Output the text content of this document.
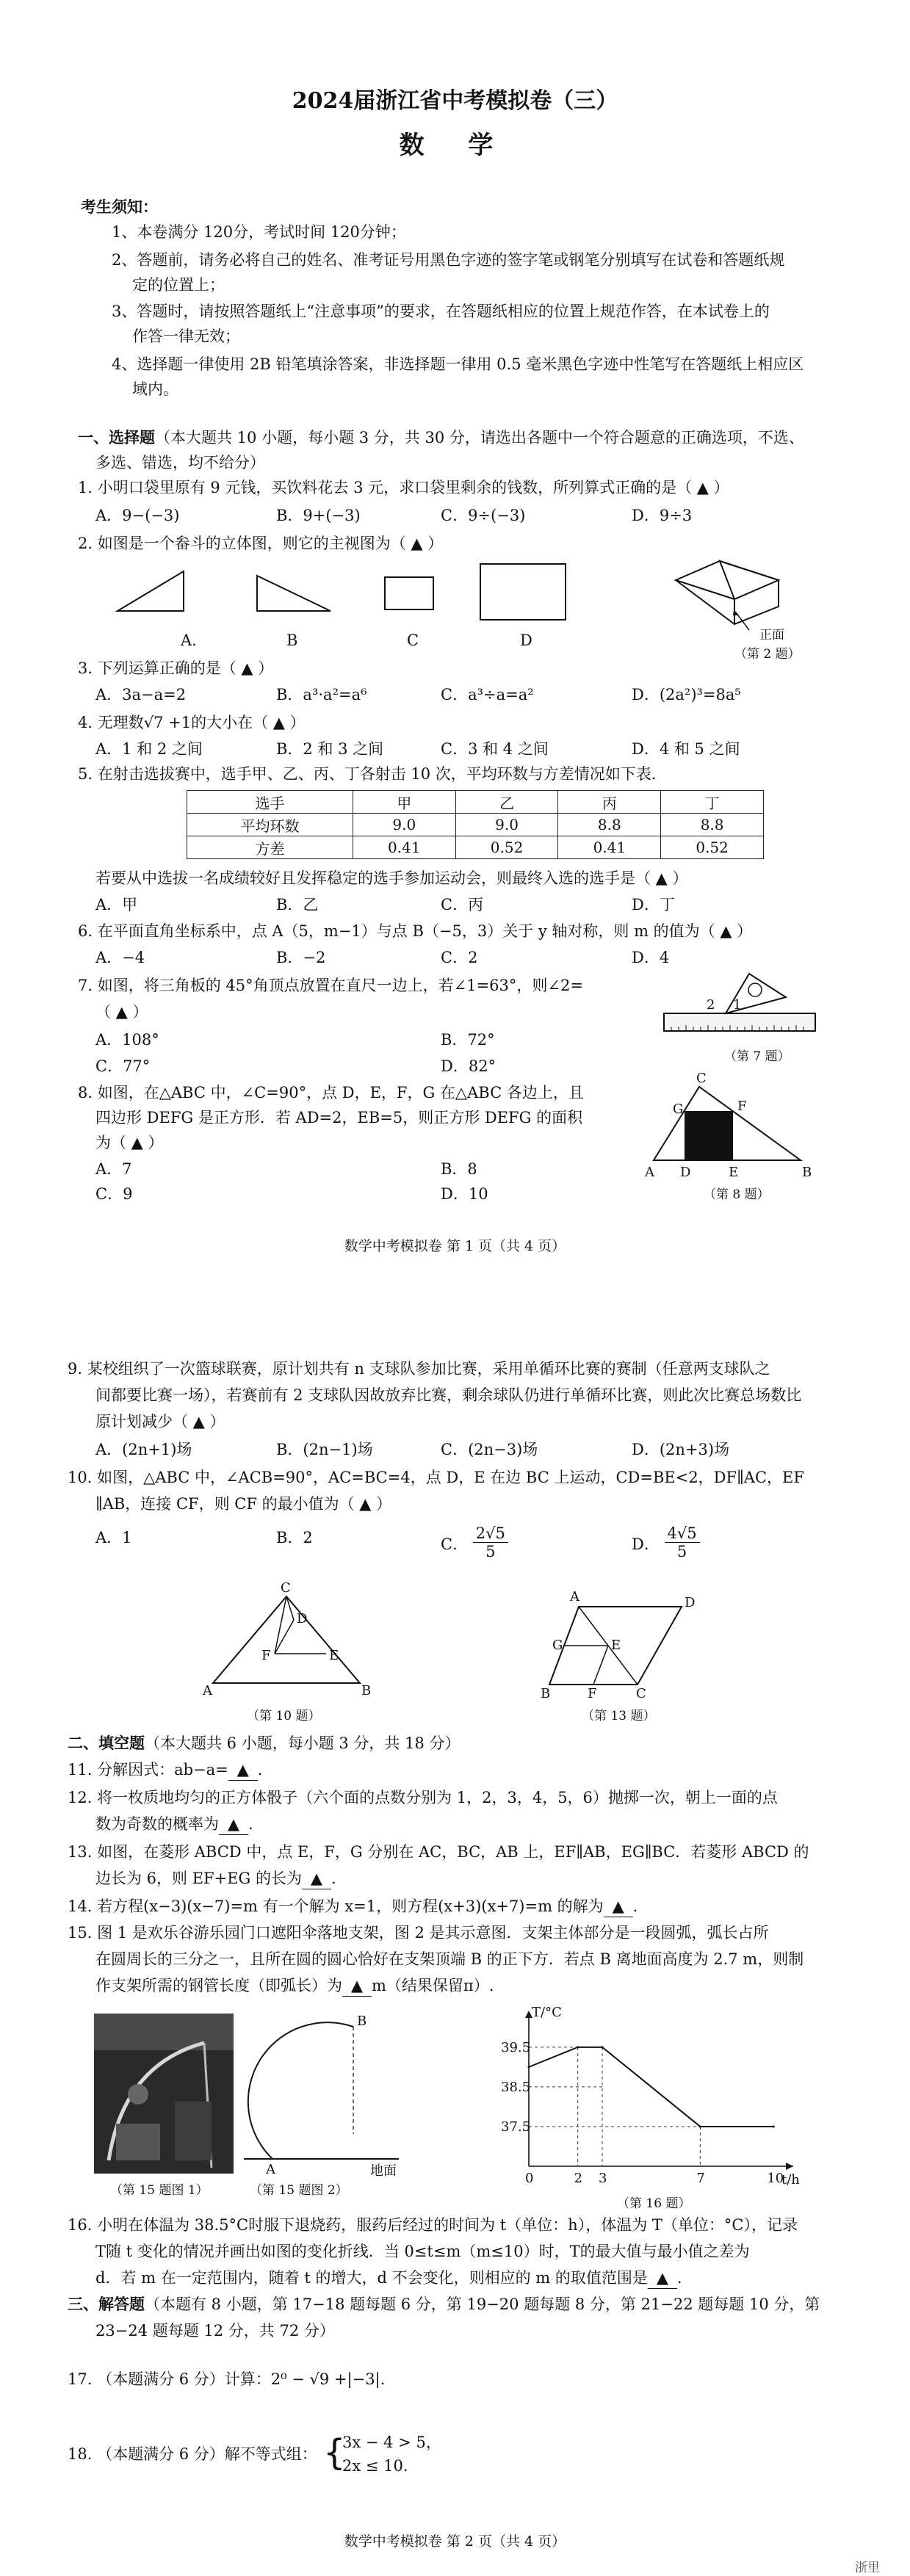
2024届浙江省中考模拟卷（三）
数 学
考生须知：
1、本卷满分 120分，考试时间 120分钟；
2、答题前，请务必将自己的姓名、准考证号用黑色字迹的签字笔或钢笔分别填写在试卷和答题纸规
定的位置上；
3、答题时，请按照答题纸上“注意事项”的要求，在答题纸相应的位置上规范作答，在本试卷上的
作答一律无效；
4、选择题一律使用 2B 铅笔填涂答案，非选择题一律用 0.5 毫米黑色字迹中性笔写在答题纸上相应区
域内。
一、选择题（本大题共 10 小题，每小题 3 分，共 30 分，请选出各题中一个符合题意的正确选项，不选、
多选、错选，均不给分）
1. 小明口袋里原有 9 元钱，买饮料花去 3 元，求口袋里剩余的钱数，所列算式正确的是（ ▲ ）
A．9−(−3)	B．9+(−3)	C．9÷(−3)	D．9÷3
2. 如图是一个畚斗的立体图，则它的主视图为（ ▲ ）
正面
A.	B	C	D
（第 2 题）
3. 下列运算正确的是（ ▲ ）
A．3a−a=2	B．a³·a²=a⁶	C．a³÷a=a²	D．(2a²)³=8a⁵
4. 无理数√7 +1的大小在（ ▲ ）
A．1 和 2 之间	B．2 和 3 之间	C．3 和 4 之间	D．4 和 5 之间
5. 在射击选拔赛中，选手甲、乙、丙、丁各射击 10 次，平均环数与方差情况如下表.
选手	甲	乙	丙	丁
平均环数	9.0	9.0	8.8	8.8
方差	0.41	0.52	0.41	0.52
若要从中选拔一名成绩较好且发挥稳定的选手参加运动会，则最终入选的选手是（ ▲ ）
A．甲	B．乙	C．丙	D．丁
6. 在平面直角坐标系中，点 A（5，m−1）与点 B（−5，3）关于 y 轴对称，则 m 的值为（ ▲ ）
A．−4	B．−2	C．2	D．4
7. 如图，将三角板的 45°角顶点放置在直尺一边上，若∠1=63°，则∠2=
（ ▲ ）
A．108°	B．72°
C．77°	D．82°
2 1
（第 7 题）
8. 如图，在△ABC 中，∠C=90°，点 D，E，F，G 在△ABC 各边上，且
四边形 DEFG 是正方形．若 AD=2，EB=5，则正方形 DEFG 的面积
为（ ▲ ）
A．7	B．8
C．9	D．10
C
G	F
A D	E	B
（第 8 题）
数学中考模拟卷 第 1 页（共 4 页）
9. 某校组织了一次篮球联赛，原计划共有 n 支球队参加比赛，采用单循环比赛的赛制（任意两支球队之
间都要比赛一场），若赛前有 2 支球队因故放弃比赛，剩余球队仍进行单循环比赛，则此次比赛总场数比
原计划减少（ ▲ ）
A．(2n+1)场	B．(2n−1)场	C．(2n−3)场	D．(2n+3)场
10. 如图，△ABC 中，∠ACB=90°，AC=BC=4，点 D，E 在边 BC 上运动，CD=BE<2，DF∥AC，EF
∥AB，连接 CF，则 CF 的最小值为（ ▲ ）
A．1	B．2	C． $\frac{2√5}{5}$	D． $\frac{4√5}{5}$
C
D
F	E
A	B
（第 10 题）
A	D
G	E
B	F	C
（第 13 题）
二、填空题（本大题共 6 小题，每小题 3 分，共 18 分）
11. 分解因式：ab−a= ▲ .
12. 将一枚质地均匀的正方体骰子（六个面的点数分别为 1，2，3，4，5，6）抛掷一次，朝上一面的点
数为奇数的概率为 ▲ .
13. 如图，在菱形 ABCD 中，点 E，F，G 分别在 AC，BC，AB 上，EF∥AB，EG∥BC．若菱形 ABCD 的
边长为 6，则 EF+EG 的长为 ▲ .
14. 若方程(x−3)(x−7)=m 有一个解为 x=1，则方程(x+3)(x+7)=m 的解为 ▲ .
15. 图 1 是欢乐谷游乐园门口遮阳伞落地支架，图 2 是其示意图．支架主体部分是一段圆弧，弧长占所
在圆周长的三分之一，且所在圆的圆心恰好在支架顶端 B 的正下方．若点 B 离地面高度为 2.7 m，则制
作支架所需的钢管长度（即弧长）为 ▲ m（结果保留π）.
（第 15 题图 1）
B
A	地面
（第 15 题图 2）
T/°C
t/h
0	2 3	7	10
37.5
38.5
39.5
（第 16 题）
16. 小明在体温为 38.5°C时服下退烧药，服药后经过的时间为 t（单位：h），体温为 T（单位：°C），记录
T随 t 变化的情况并画出如图的变化折线．当 0≤t≤m（m≤10）时，T的最大值与最小值之差为
d．若 m 在一定范围内，随着 t 的增大，d 不会变化，则相应的 m 的取值范围是 ▲ .
三、解答题（本题有 8 小题，第 17−18 题每题 6 分，第 19−20 题每题 8 分，第 21−22 题每题 10 分，第
23−24 题每题 12 分，共 72 分）
17. （本题满分 6 分）计算：2⁰ − √9 +|−3|.
18. （本题满分 6 分）解不等式组： {
3x − 4 > 5，
2x ≤ 10.
数学中考模拟卷 第 2 页（共 4 页）
浙里
